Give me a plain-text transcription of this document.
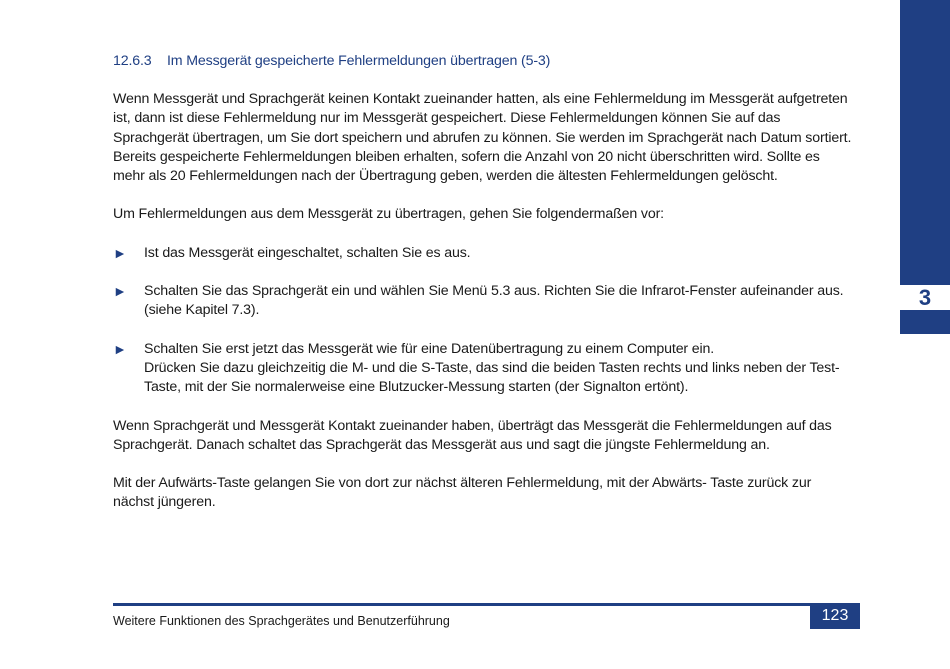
3
12.6.3 Im Messgerät gespeicherte Fehlermeldungen übertragen (5-3)

Wenn Messgerät und Sprachgerät keinen Kontakt zueinander hatten, als eine Fehlermeldung im Messgerät aufgetreten ist, dann ist diese Fehlermeldung nur im Messgerät gespeichert. Diese Fehlermeldungen können Sie auf das Sprachgerät übertragen, um Sie dort speichern und abrufen zu können. Sie werden im Sprachgerät nach Datum sortiert. Bereits gespeicherte Fehlermeldungen bleiben erhalten, sofern die Anzahl von 20 nicht überschritten wird. Sollte es mehr als 20 Fehlermeldungen nach der Übertragung geben, werden die ältesten Fehlermeldungen gelöscht.

Um Fehlermeldungen aus dem Messgerät zu übertragen, gehen Sie folgendermaßen vor:

►	Ist das Messgerät eingeschaltet, schalten Sie es aus.
►	Schalten Sie das Sprachgerät ein und wählen Sie Menü 5.3 aus. Richten Sie die Infrarot-Fenster aufeinander aus.
(siehe Kapitel 7.3).
►	Schalten Sie erst jetzt das Messgerät wie für eine Datenübertragung zu einem Computer ein.
Drücken Sie dazu gleichzeitig die M- und die S-Taste, das sind die beiden Tasten rechts und links neben der Test-Taste, mit der Sie normalerweise eine Blutzucker-Messung starten (der Signalton ertönt).

Wenn Sprachgerät und Messgerät Kontakt zueinander haben, überträgt das Messgerät die Fehlermeldungen auf das Sprachgerät. Danach schaltet das Sprachgerät das Messgerät aus und sagt die jüngste Fehlermeldung an.

Mit der Aufwärts-Taste gelangen Sie von dort zur nächst älteren Fehlermeldung, mit der Abwärts- Taste zurück zur nächst jüngeren.

123
Weitere Funktionen des Sprachgerätes und Benutzerführung
